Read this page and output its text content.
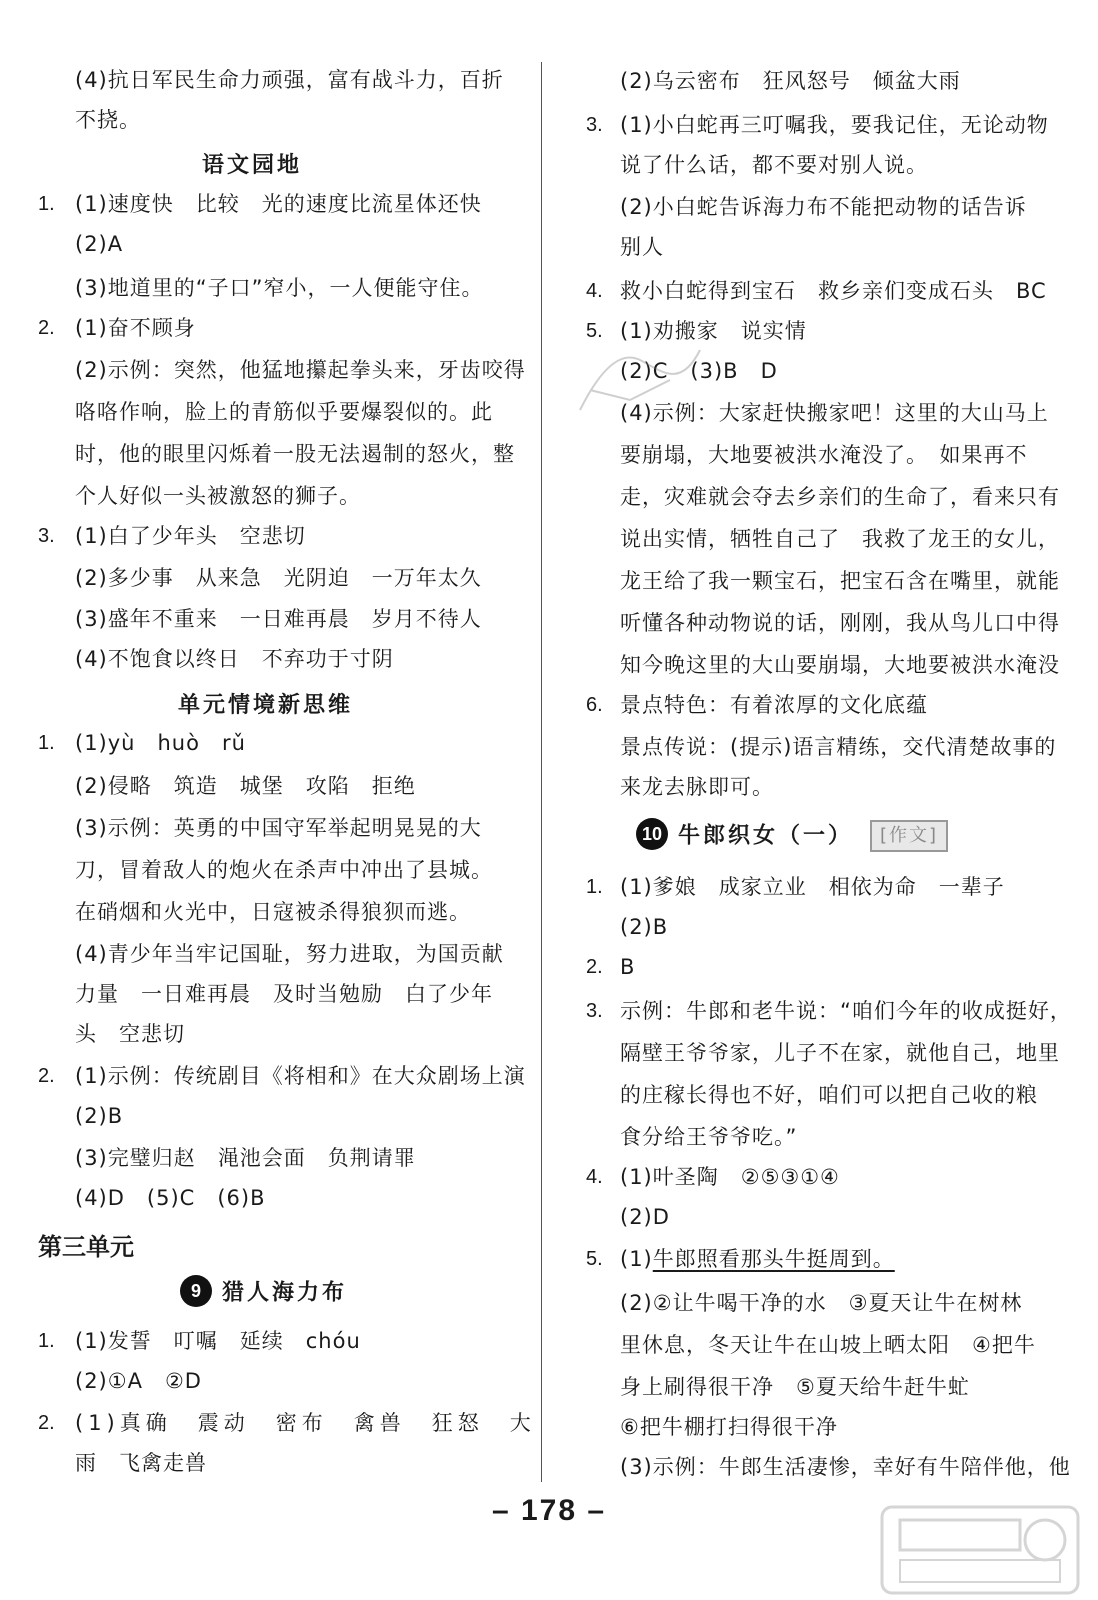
(4)抗日军民生命力顽强，富有战斗力，百折
不挠。
语文园地
1. (1)速度快　比较　光的速度比流星体还快
(2)A
(3)地道里的“子口”窄小，一人便能守住。
2. (1)奋不顾身
(2)示例：突然，他猛地攥起拳头来，牙齿咬得
咯咯作响，脸上的青筋似乎要爆裂似的。此
时，他的眼里闪烁着一股无法遏制的怒火，整
个人好似一头被激怒的狮子。
3. (1)白了少年头　空悲切
(2)多少事　从来急　光阴迫　一万年太久
(3)盛年不重来　一日难再晨　岁月不待人
(4)不饱食以终日　不弃功于寸阴
单元情境新思维
1. (1)yù　huò　rǔ
(2)侵略　筑造　城堡　攻陷　拒绝
(3)示例：英勇的中国守军举起明晃晃的大
刀，冒着敌人的炮火在杀声中冲出了县城。
在硝烟和火光中，日寇被杀得狼狈而逃。
(4)青少年当牢记国耻，努力进取，为国贡献
力量　一日难再晨　及时当勉励　白了少年
头　空悲切
2. (1)示例：传统剧目《将相和》在大众剧场上演
(2)B
(3)完璧归赵　渑池会面　负荆请罪
(4)D　(5)C　(6)B
第三单元
9 猎人海力布
1. (1)发誓　叮嘱　延续　chóu
(2)①A　②D
2. (1)真确　震动　密布　禽兽　狂怒　大
雨　飞禽走兽
(2)乌云密布　狂风怒号　倾盆大雨
3. (1)小白蛇再三叮嘱我，要我记住，无论动物
说了什么话，都不要对别人说。
(2)小白蛇告诉海力布不能把动物的话告诉
别人
4. 救小白蛇得到宝石　救乡亲们变成石头　BC
5. (1)劝搬家　说实情
(2)C　(3)B　D
(4)示例：大家赶快搬家吧！这里的大山马上
要崩塌，大地要被洪水淹没了。　如果再不
走，灾难就会夺去乡亲们的生命了，看来只有
说出实情，牺牲自己了　我救了龙王的女儿，
龙王给了我一颗宝石，把宝石含在嘴里，就能
听懂各种动物说的话，刚刚，我从鸟儿口中得
知今晚这里的大山要崩塌，大地要被洪水淹没
6. 景点特色：有着浓厚的文化底蕴
景点传说：(提示)语言精练，交代清楚故事的
来龙去脉即可。
10 牛郎织女（一）	[作文]
1. (1)爹娘　成家立业　相依为命　一辈子
(2)B
2. B
3. 示例：牛郎和老牛说：“咱们今年的收成挺好，
隔壁王爷爷家，儿子不在家，就他自己，地里
的庄稼长得也不好，咱们可以把自己收的粮
食分给王爷爷吃。”
4. (1)叶圣陶　②⑤③①④
(2)D
5. (1)牛郎照看那头牛挺周到。
(2)②让牛喝干净的水　③夏天让牛在树林
里休息，冬天让牛在山坡上晒太阳　④把牛
身上刷得很干净　⑤夏天给牛赶牛虻
⑥把牛棚打扫得很干净
(3)示例：牛郎生活凄惨，幸好有牛陪伴他，他
– 178 –
